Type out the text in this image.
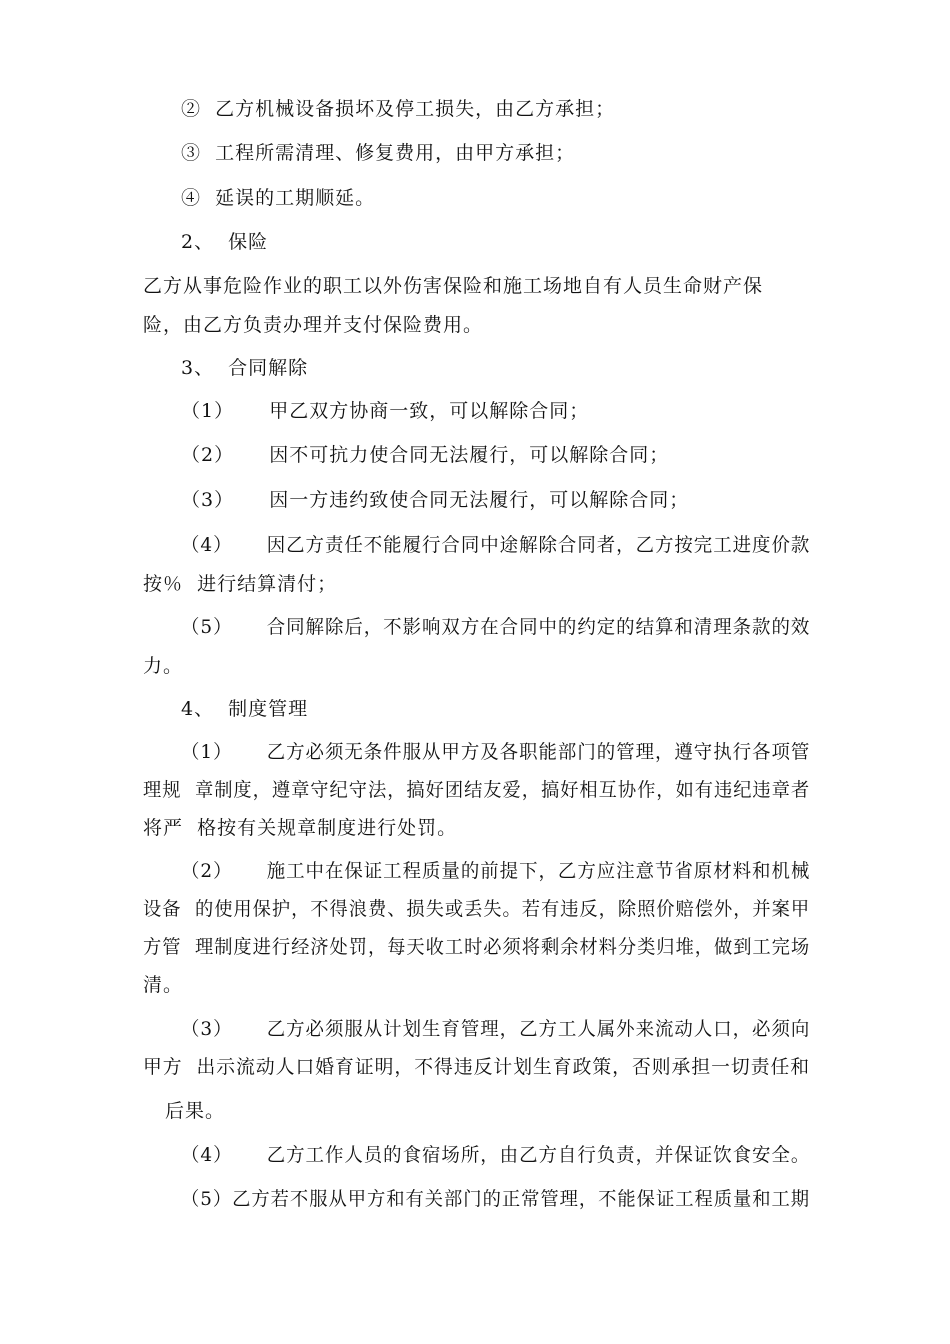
②  乙方机械设备损坏及停工损失，由乙方承担；
③  工程所需清理、修复费用，由甲方承担；
④  延误的工期顺延。
2、  保险
乙方从事危险作业的职工以外伤害保险和施工场地自有人员生命财产保
险，由乙方负责办理并支付保险费用。
3、  合同解除
（1）     甲乙双方协商一致，可以解除合同；
（2）     因不可抗力使合同无法履行，可以解除合同；
（3）     因一方违约致使合同无法履行，可以解除合同；
（4）     因乙方责任不能履行合同中途解除合同者，乙方按完工进度价款
按％  进行结算清付；
（5）     合同解除后，不影响双方在合同中的约定的结算和清理条款的效
力。
4、  制度管理
（1）     乙方必须无条件服从甲方及各职能部门的管理，遵守执行各项管
理规  章制度，遵章守纪守法，搞好团结友爱，搞好相互协作，如有违纪违章者
将严  格按有关规章制度进行处罚。
（2）     施工中在保证工程质量的前提下，乙方应注意节省原材料和机械
设备  的使用保护，不得浪费、损失或丢失。若有违反，除照价赔偿外，并案甲
方管  理制度进行经济处罚，每天收工时必须将剩余材料分类归堆，做到工完场
清。
（3）     乙方必须服从计划生育管理，乙方工人属外来流动人口，必须向
甲方  出示流动人口婚育证明，不得违反计划生育政策，否则承担一切责任和
后果。
（4）     乙方工作人员的食宿场所，由乙方自行负责，并保证饮食安全。
（5）乙方若不服从甲方和有关部门的正常管理，不能保证工程质量和工期
